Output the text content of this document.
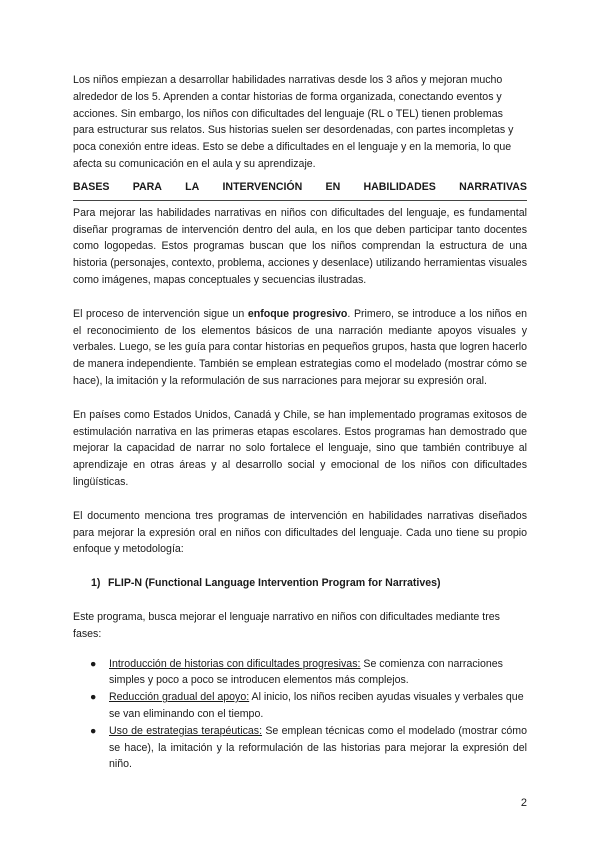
Los niños empiezan a desarrollar habilidades narrativas desde los 3 años y mejoran mucho alrededor de los 5. Aprenden a contar historias de forma organizada, conectando eventos y acciones. Sin embargo, los niños con dificultades del lenguaje (RL o TEL) tienen problemas para estructurar sus relatos. Sus historias suelen ser desordenadas, con partes incompletas y poca conexión entre ideas. Esto se debe a dificultades en el lenguaje y en la memoria, lo que afecta su comunicación en el aula y su aprendizaje.

BASES PARA LA INTERVENCIÓN EN HABILIDADES NARRATIVAS

Para mejorar las habilidades narrativas en niños con dificultades del lenguaje, es fundamental diseñar programas de intervención dentro del aula, en los que deben participar tanto docentes como logopedas. Estos programas buscan que los niños comprendan la estructura de una historia (personajes, contexto, problema, acciones y desenlace) utilizando herramientas visuales como imágenes, mapas conceptuales y secuencias ilustradas.

El proceso de intervención sigue un enfoque progresivo. Primero, se introduce a los niños en el reconocimiento de los elementos básicos de una narración mediante apoyos visuales y verbales. Luego, se les guía para contar historias en pequeños grupos, hasta que logren hacerlo de manera independiente. También se emplean estrategias como el modelado (mostrar cómo se hace), la imitación y la reformulación de sus narraciones para mejorar su expresión oral.

En países como Estados Unidos, Canadá y Chile, se han implementado programas exitosos de estimulación narrativa en las primeras etapas escolares. Estos programas han demostrado que mejorar la capacidad de narrar no solo fortalece el lenguaje, sino que también contribuye al aprendizaje en otras áreas y al desarrollo social y emocional de los niños con dificultades lingüísticas.

El documento menciona tres programas de intervención en habilidades narrativas diseñados para mejorar la expresión oral en niños con dificultades del lenguaje. Cada uno tiene su propio enfoque y metodología:

1) FLIP-N (Functional Language Intervention Program for Narratives)

Este programa, busca mejorar el lenguaje narrativo en niños con dificultades mediante tres fases:

● Introducción de historias con dificultades progresivas: Se comienza con narraciones simples y poco a poco se introducen elementos más complejos.
● Reducción gradual del apoyo: Al inicio, los niños reciben ayudas visuales y verbales que se van eliminando con el tiempo.
● Uso de estrategias terapéuticas: Se emplean técnicas como el modelado (mostrar cómo se hace), la imitación y la reformulación de las historias para mejorar la expresión del niño.
2
